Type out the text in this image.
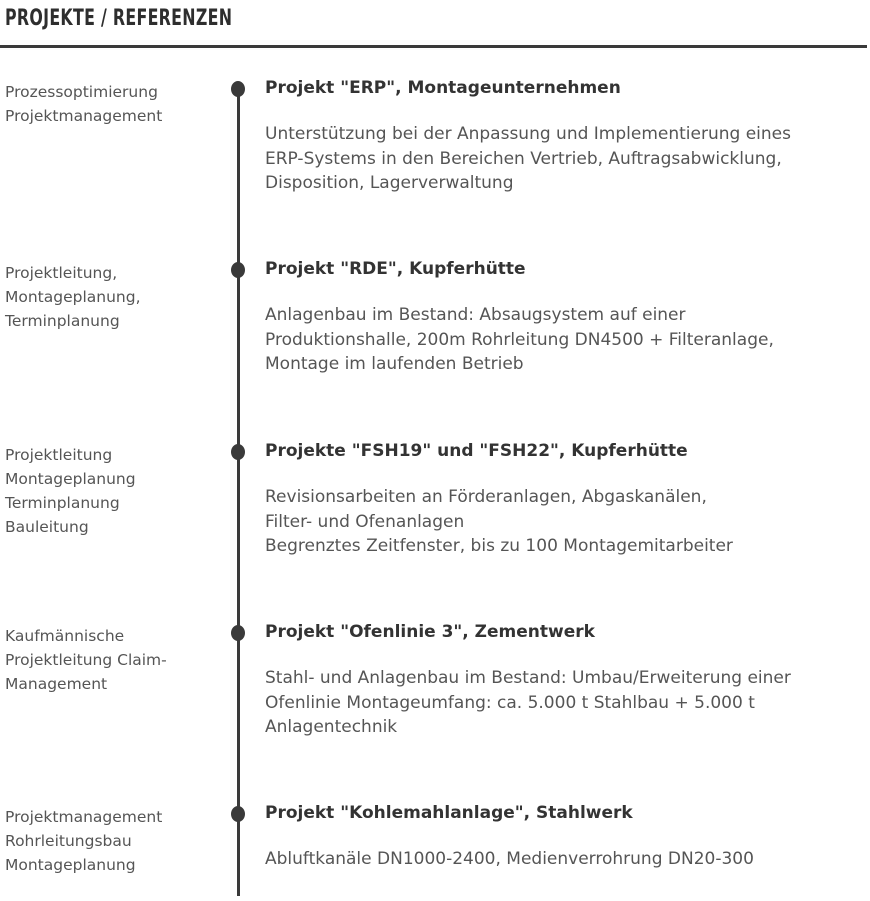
PROJEKTE / REFERENZEN
Prozessoptimierung
Projektmanagement
Projekt "ERP", Montageunternehmen
Unterstützung bei der Anpassung und Implementierung eines
ERP-Systems in den Bereichen Vertrieb, Auftragsabwicklung,
Disposition, Lagerverwaltung
Projektleitung,
Montageplanung,
Terminplanung
Projekt "RDE", Kupferhütte
Anlagenbau im Bestand: Absaugsystem auf einer
Produktionshalle, 200m Rohrleitung DN4500 + Filteranlage,
Montage im laufenden Betrieb
Projektleitung
Montageplanung
Terminplanung
Bauleitung
Projekte "FSH19" und "FSH22", Kupferhütte
Revisionsarbeiten an Förderanlagen, Abgaskanälen,
Filter- und Ofenanlagen
Begrenztes Zeitfenster, bis zu 100 Montagemitarbeiter
Kaufmännische
Projektleitung Claim-
Management
Projekt "Ofenlinie 3", Zementwerk
Stahl- und Anlagenbau im Bestand: Umbau/Erweiterung einer
Ofenlinie Montageumfang: ca. 5.000 t Stahlbau + 5.000 t
Anlagentechnik
Projektmanagement
Rohrleitungsbau
Montageplanung
Projekt "Kohlemahlanlage", Stahlwerk
Abluftkanäle DN1000-2400, Medienverrohrung DN20-300
